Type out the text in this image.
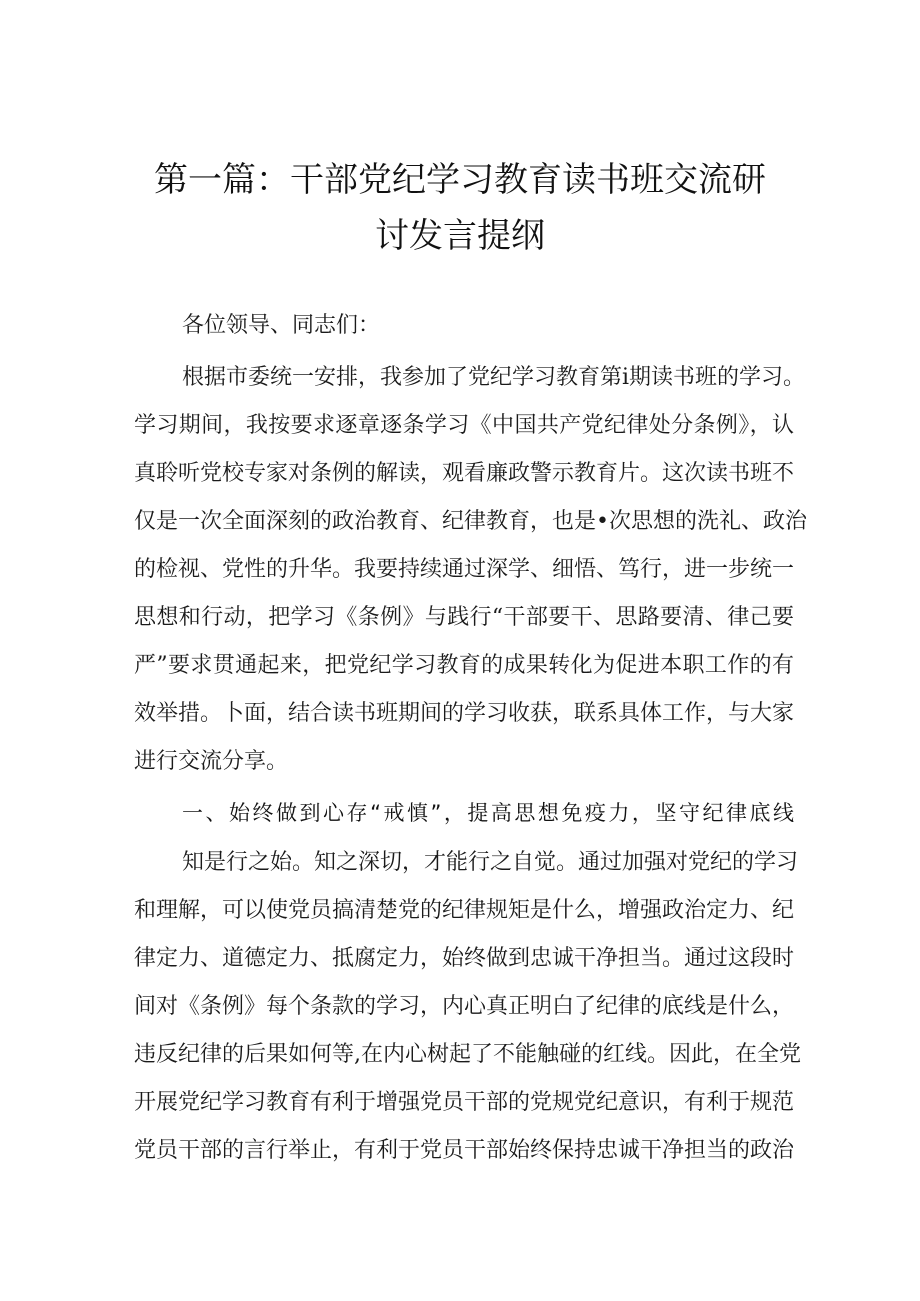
第一篇：干部党纪学习教育读书班交流研
讨发言提纲
各位领导、同志们：
根据市委统一安排，我参加了党纪学习教育第i期读书班的学习。
学习期间，我按要求逐章逐条学习《中国共产党纪律处分条例》，认
真聆听党校专家对条例的解读，观看廉政警示教育片。这次读书班不
仅是一次全面深刻的政治教育、纪律教育，也是•次思想的洗礼、政治
的检视、党性的升华。我要持续通过深学、细悟、笃行，进一步统一
思想和行动，把学习《条例》与践行“干部要干、思路要清、律己要
严”要求贯通起来，把党纪学习教育的成果转化为促进本职工作的有
效举措。卜面，结合读书班期间的学习收获，联系具体工作，与大家
进行交流分享。
一、始终做到心存“戒慎”，提高思想免疫力，坚守纪律底线
知是行之始。知之深切，才能行之自觉。通过加强对党纪的学习
和理解，可以使党员搞清楚党的纪律规矩是什么，增强政治定力、纪
律定力、道德定力、抵腐定力，始终做到忠诚干净担当。通过这段时
间对《条例》每个条款的学习，内心真正明白了纪律的底线是什么，
违反纪律的后果如何等,在内心树起了不能触碰的红线。因此，在全党
开展党纪学习教育有利于增强党员干部的党规党纪意识，有利于规范
党员干部的言行举止，有利于党员干部始终保持忠诚干净担当的政治
